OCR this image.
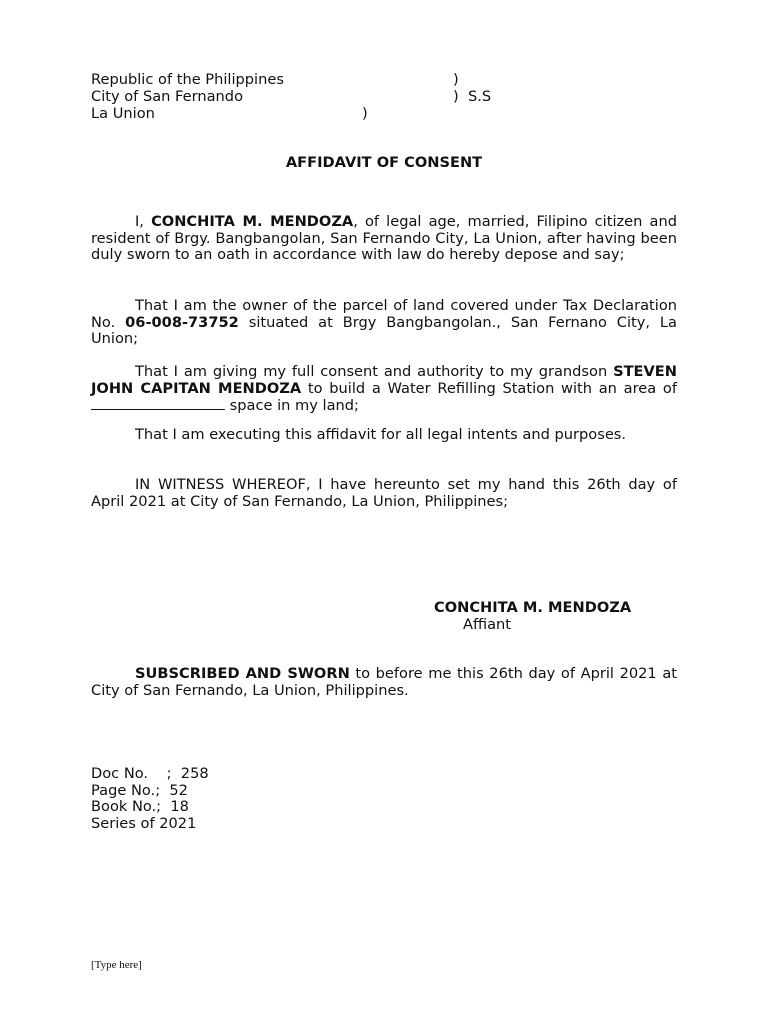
Republic of the Philippines	)
City of San Fernando	)  S.S
La Union	)
AFFIDAVIT OF CONSENT
I, CONCHITA M. MENDOZA, of legal age, married, Filipino citizen and resident of Brgy. Bangbangolan, San Fernando City, La Union, after having been duly sworn to an oath in accordance with law do hereby depose and say;
That I am the owner of the parcel of land covered under Tax Declaration No. 06-008-73752 situated at Brgy Bangbangolan., San Fernano City, La Union;
That I am giving my full consent and authority to my grandson STEVEN JOHN CAPITAN MENDOZA to build a Water Refilling Station with an area of  space in my land;
That I am executing this affidavit for all legal intents and purposes.
IN WITNESS WHEREOF, I have hereunto set my hand this 26th day of April 2021 at City of San Fernando, La Union, Philippines;
CONCHITA M. MENDOZA
Affiant
SUBSCRIBED AND SWORN to before me this 26th day of April 2021 at City of San Fernando, La Union, Philippines.
Doc No.    ;  258
Page No.;  52
Book No.;  18
Series of 2021
[Type here]
